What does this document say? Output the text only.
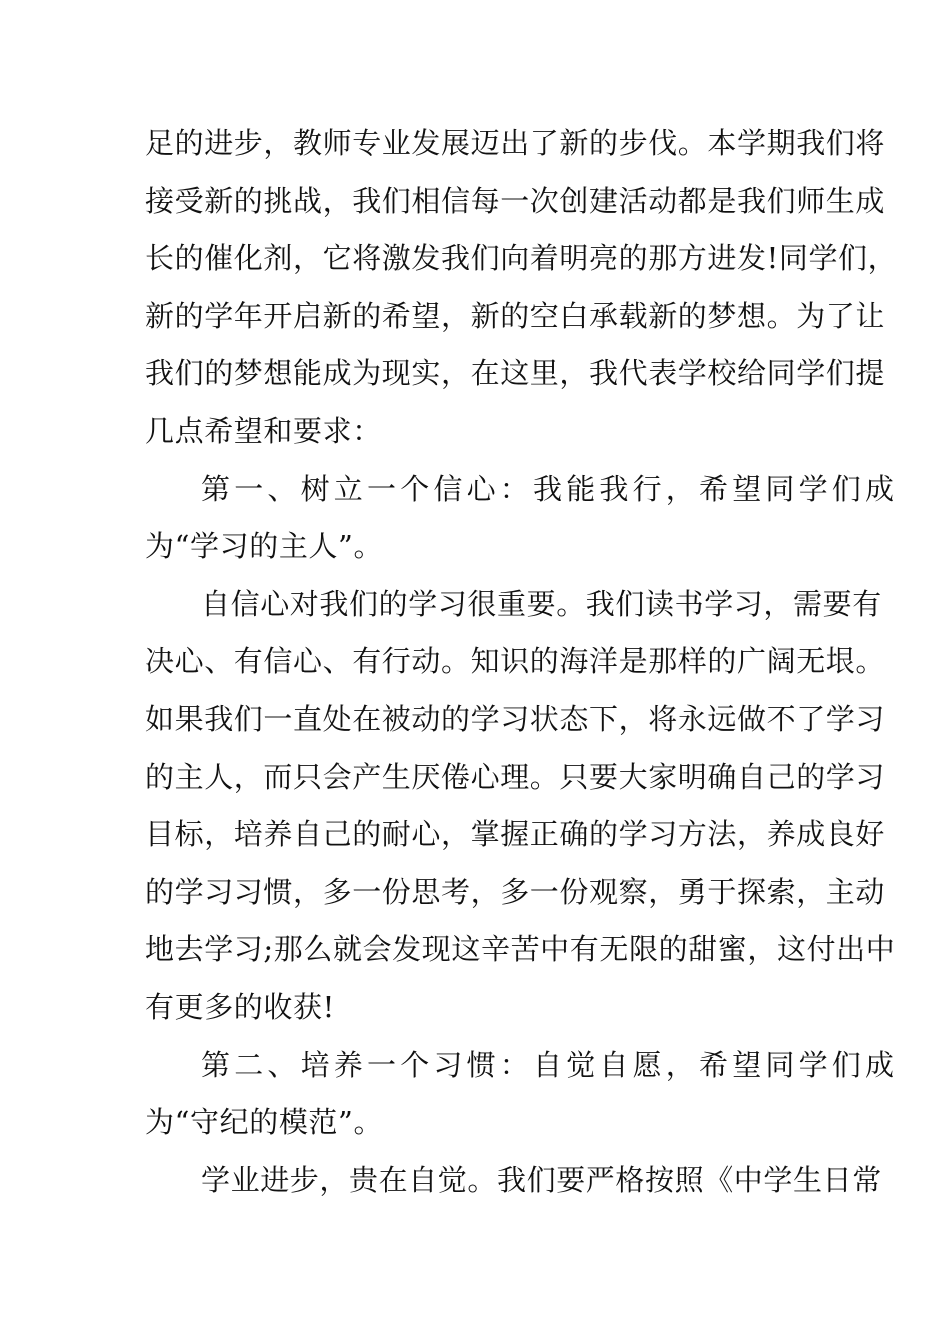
足的进步，教师专业发展迈出了新的步伐。本学期我们将
接受新的挑战，我们相信每一次创建活动都是我们师生成
长的催化剂，它将激发我们向着明亮的那方进发!同学们，
新的学年开启新的希望，新的空白承载新的梦想。为了让
我们的梦想能成为现实，在这里，我代表学校给同学们提
几点希望和要求：
第一、树立一个信心：我能我行，希望同学们成
为“学习的主人”。
自信心对我们的学习很重要。我们读书学习，需要有
决心、有信心、有行动。知识的海洋是那样的广阔无垠。
如果我们一直处在被动的学习状态下，将永远做不了学习
的主人，而只会产生厌倦心理。只要大家明确自己的学习
目标，培养自己的耐心，掌握正确的学习方法，养成良好
的学习习惯，多一份思考，多一份观察，勇于探索，主动
地去学习;那么就会发现这辛苦中有无限的甜蜜，这付出中
有更多的收获!
第二、培养一个习惯：自觉自愿，希望同学们成
为“守纪的模范”。
学业进步，贵在自觉。我们要严格按照《中学生日常
